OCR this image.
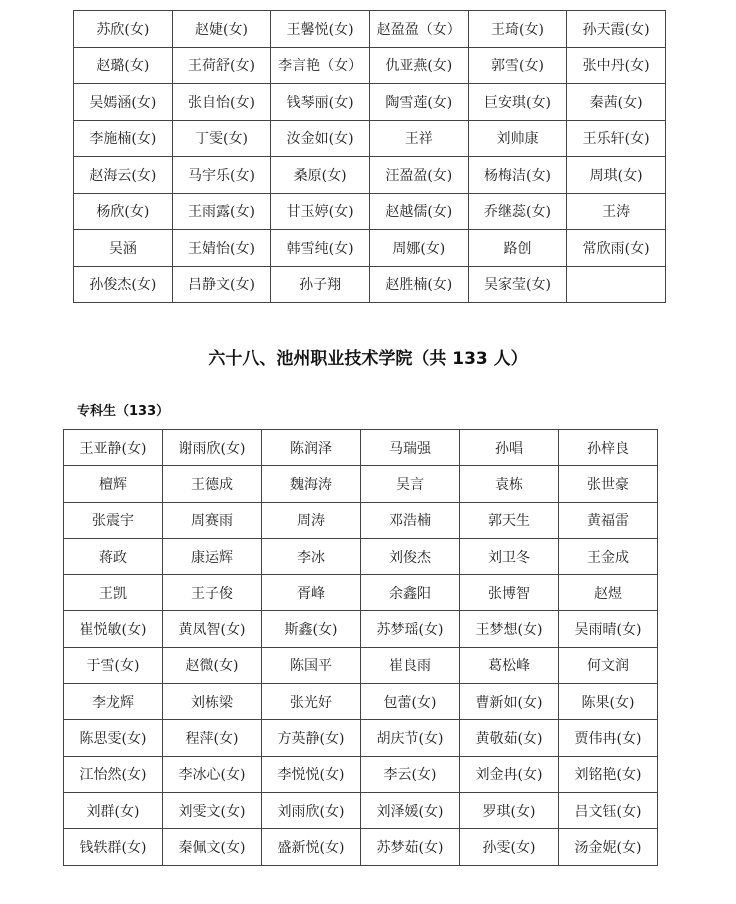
苏欣(女)	赵婕(女)	王馨悦(女)	赵盈盈（女）	王琦(女)	孙天霞(女)
赵璐(女)	王荷舒(女)	李言艳（女）	仇亚燕(女)	郭雪(女)	张中丹(女)
吴嫣涵(女)	张自怡(女)	钱琴丽(女)	陶雪莲(女)	巨安琪(女)	秦茜(女)
李施楠(女)	丁雯(女)	汝金如(女)	王祥	刘帅康	王乐轩(女)
赵海云(女)	马宇乐(女)	桑原(女)	汪盈盈(女)	杨梅洁(女)	周琪(女)
杨欣(女)	王雨露(女)	甘玉婷(女)	赵越儒(女)	乔继蕊(女)	王涛
吴涵	王婧怡(女)	韩雪纯(女)	周娜(女)	路创	常欣雨(女)
孙俊杰(女)	吕静文(女)	孙子翔	赵胜楠(女)	吴家莹(女)	
六十八、池州职业技术学院（共 133 人）
专科生（133）
王亚静(女)	谢雨欣(女)	陈润泽	马瑞强	孙唱	孙梓良
檀辉	王德成	魏海涛	吴言	袁栋	张世豪
张震宇	周赛雨	周涛	邓浩楠	郭天生	黄福雷
蒋政	康运辉	李冰	刘俊杰	刘卫冬	王金成
王凯	王子俊	胥峰	余鑫阳	张博智	赵煜
崔悦敏(女)	黄凤智(女)	斯鑫(女)	苏梦瑶(女)	王梦想(女)	吴雨晴(女)
于雪(女)	赵微(女)	陈国平	崔良雨	葛松峰	何文润
李龙辉	刘栋梁	张光好	包蕾(女)	曹新如(女)	陈果(女)
陈思雯(女)	程萍(女)	方英静(女)	胡庆节(女)	黄敬茹(女)	贾伟冉(女)
江怡然(女)	李冰心(女)	李悦悦(女)	李云(女)	刘金冉(女)	刘铭艳(女)
刘群(女)	刘雯文(女)	刘雨欣(女)	刘泽媛(女)	罗琪(女)	吕文钰(女)
钱轶群(女)	秦佩文(女)	盛新悦(女)	苏梦茹(女)	孙雯(女)	汤金妮(女)
